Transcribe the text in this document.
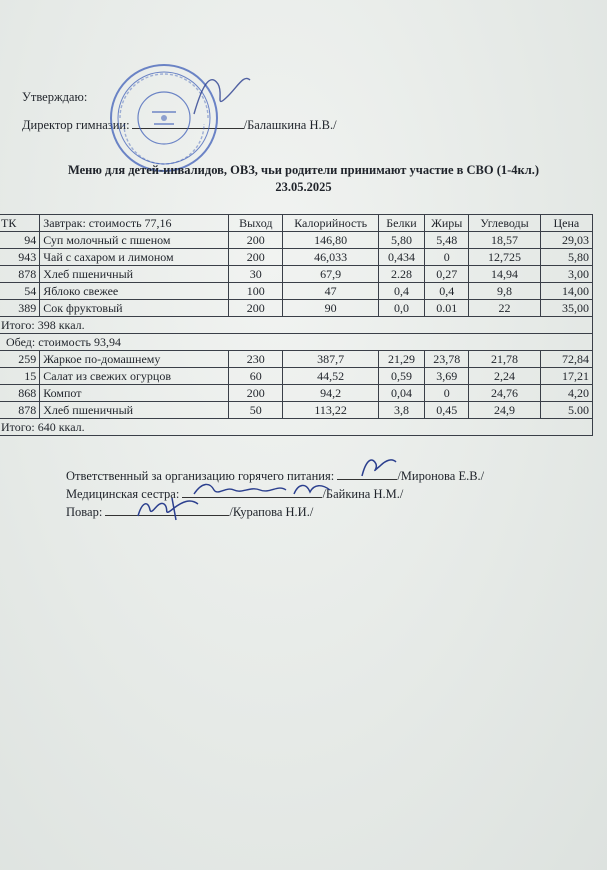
Утверждаю:
Директор гимназии:	/Балашкина Н.В./
Меню для детей-инвалидов, ОВЗ, чьи родители принимают участие в СВО (1-4кл.)
23.05.2025
ТК	Завтрак: стоимость 77,16	Выход	Калорийность	Белки	Жиры	Углеводы	Цена
94	Суп молочный с пшеном	200	146,80	5,80	5,48	18,57	29,03
943	Чай с сахаром и лимоном	200	46,033	0,434	0	12,725	5,80
878	Хлеб пшеничный	30	67,9	2.28	0,27	14,94	3,00
54	Яблоко свежее	100	47	0,4	0,4	9,8	14,00
389	Сок фруктовый	200	90	0,0	0.01	22	35,00
Итого: 398 ккал.							
Обед: стоимость 93,94							
259	Жаркое по-домашнему	230	387,7	21,29	23,78	21,78	72,84
15	Салат из свежих огурцов	60	44,52	0,59	3,69	2,24	17,21
868	Компот	200	94,2	0,04	0	24,76	4,20
878	Хлеб пшеничный	50	113,22	3,8	0,45	24,9	5.00
Итого: 640 ккал.							
Ответственный за организацию горячего питания:	/Миронова Е.В./
Медицинская сестра:	/Байкина Н.М./
Повар:	/Курапова Н.И./
